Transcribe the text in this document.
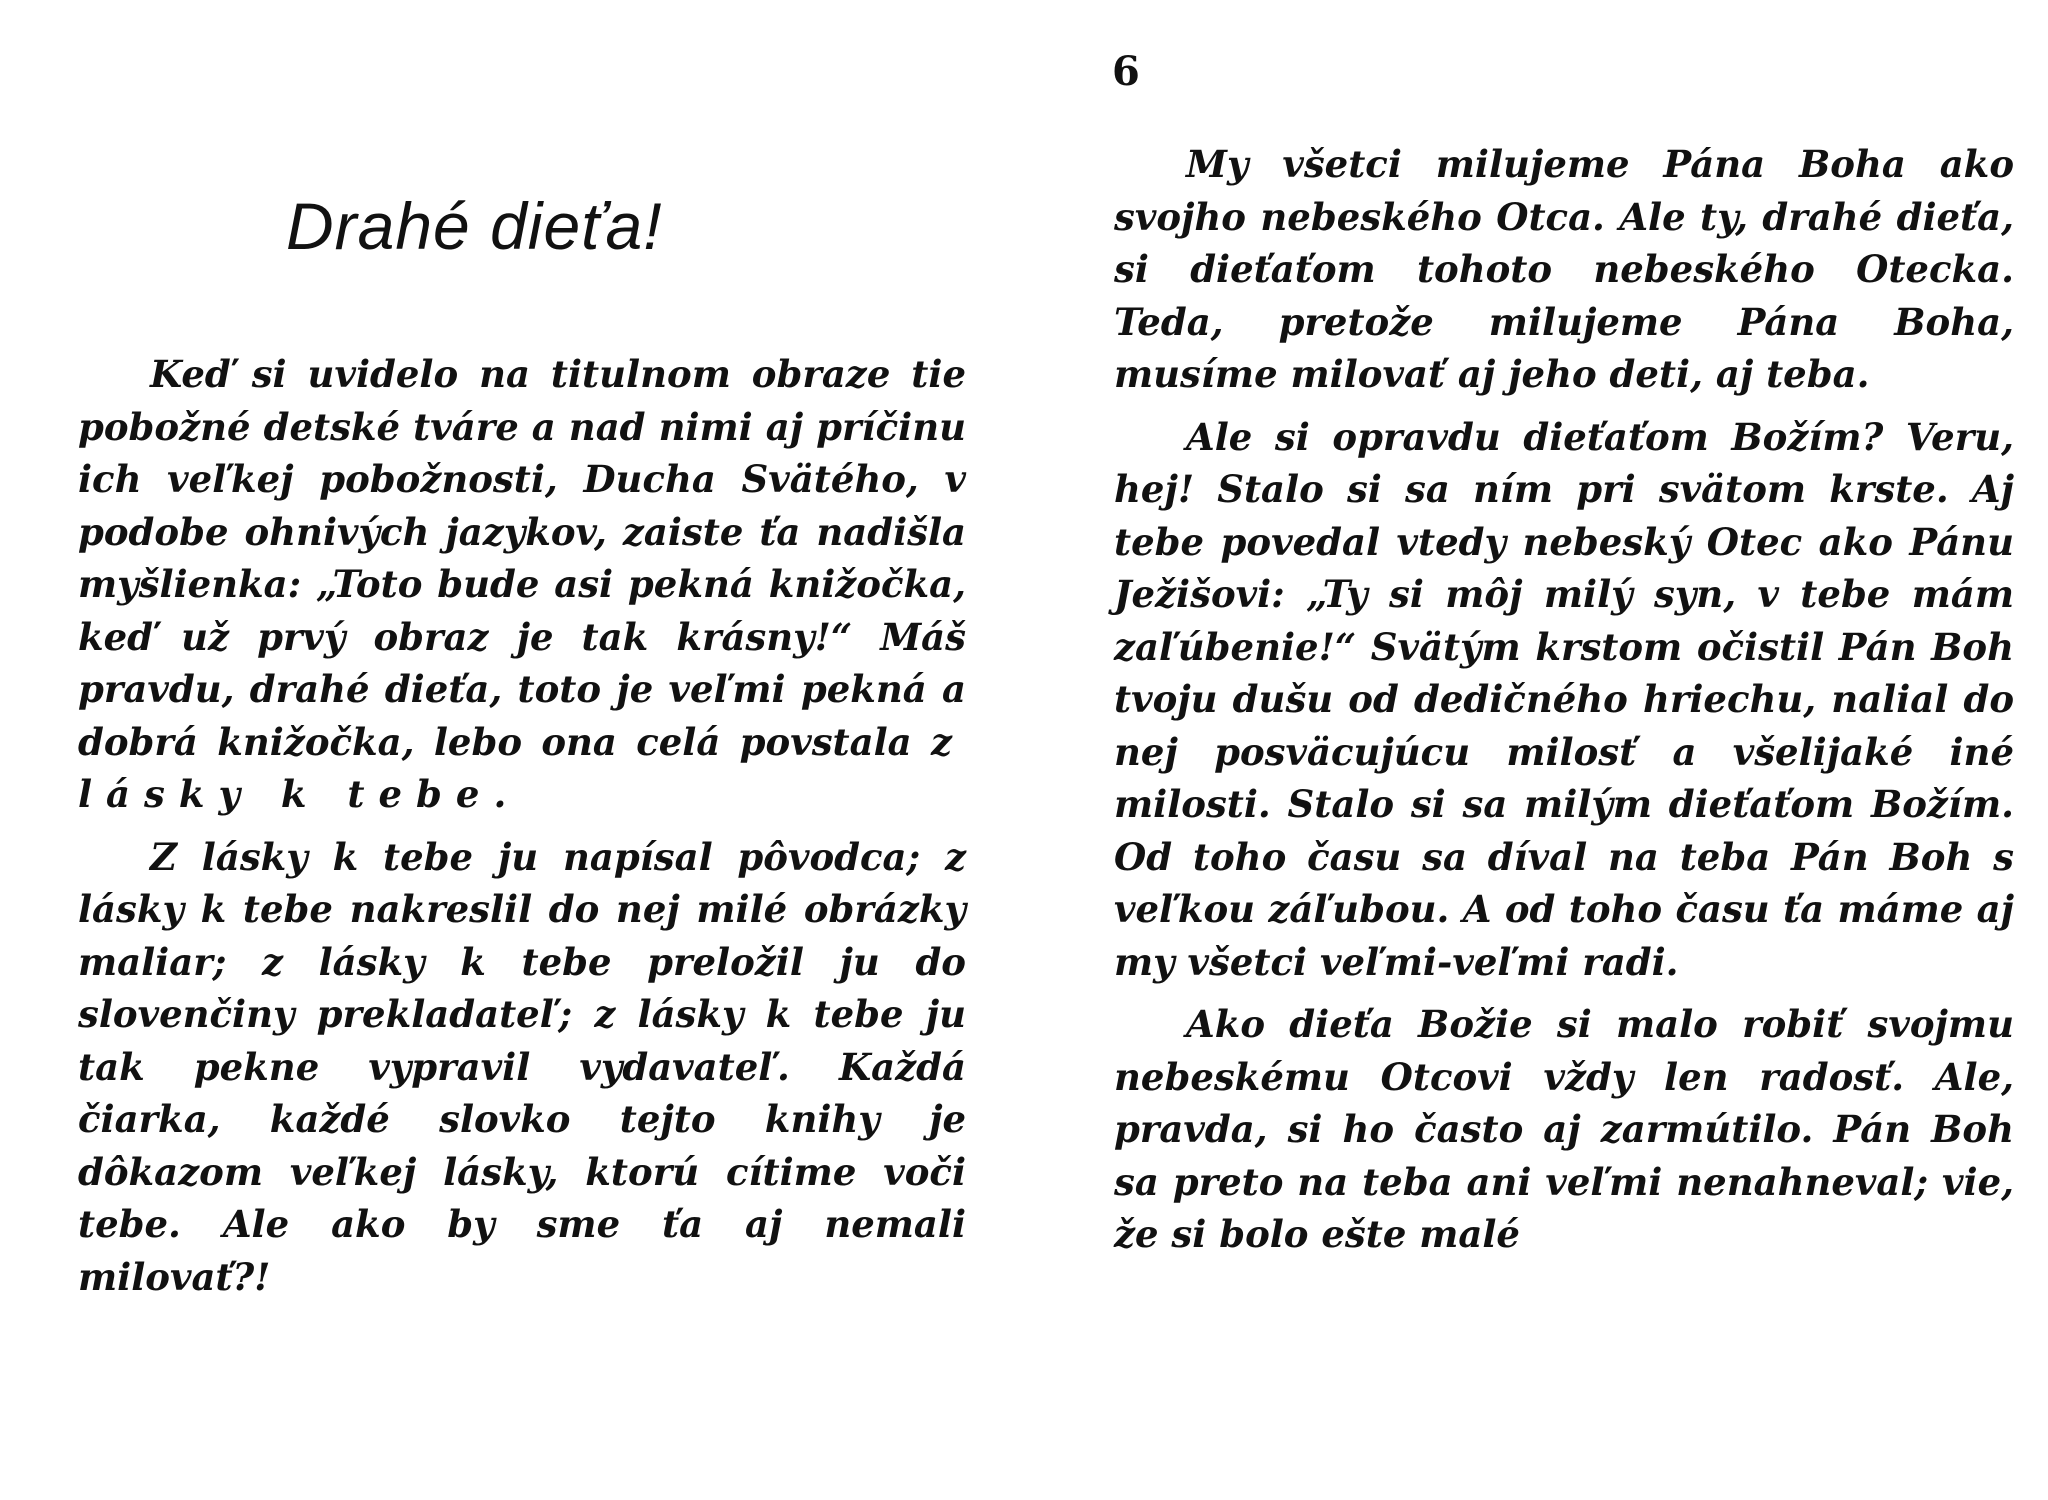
Drahé dieťa!

Keď si uvidelo na titulnom obraze tie pobožné detské tváre a nad nimi aj príčinu ich veľkej pobožnosti, Ducha Svätého, v podobe ohnivých jazykov, zaiste ťa nadišla myšlienka: „Toto bude asi pekná knižočka, keď už prvý obraz je tak krásny!“ Máš pravdu, drahé dieťa, toto je veľmi pekná a dobrá knižočka, lebo ona celá povstala z lásky k tebe.

Z lásky k tebe ju napísal pôvodca; z lásky k tebe nakreslil do nej milé obrázky maliar; z lásky k tebe preložil ju do slovenčiny prekladateľ; z lásky k tebe ju tak pekne vypravil vydavateľ. Každá čiarka, každé slovko tejto knihy je dôkazom veľkej lásky, ktorú cítime voči tebe. Ale ako by sme ťa aj nemali milovať?!

6

My všetci milujeme Pána Boha ako svojho nebeského Otca. Ale ty, drahé dieťa, si dieťaťom tohoto nebeského Otecka. Teda, pretože milujeme Pána Boha, musíme milovať aj jeho deti, aj teba.

Ale si opravdu dieťaťom Božím? Veru, hej! Stalo si sa ním pri svätom krste. Aj tebe povedal vtedy nebeský Otec ako Pánu Ježišovi: „Ty si môj milý syn, v tebe mám zaľúbenie!“ Svätým krstom očistil Pán Boh tvoju dušu od dedičného hriechu, nalial do nej posväcujúcu milosť a všelijaké iné milosti. Stalo si sa milým dieťaťom Božím. Od toho času sa díval na teba Pán Boh s veľkou záľubou. A od toho času ťa máme aj my všetci veľmi-veľmi radi.

Ako dieťa Božie si malo robiť svojmu nebeskému Otcovi vždy len radosť. Ale, pravda, si ho často aj zarmútilo. Pán Boh sa preto na teba ani veľmi nenahneval; vie, že si bolo ešte malé
